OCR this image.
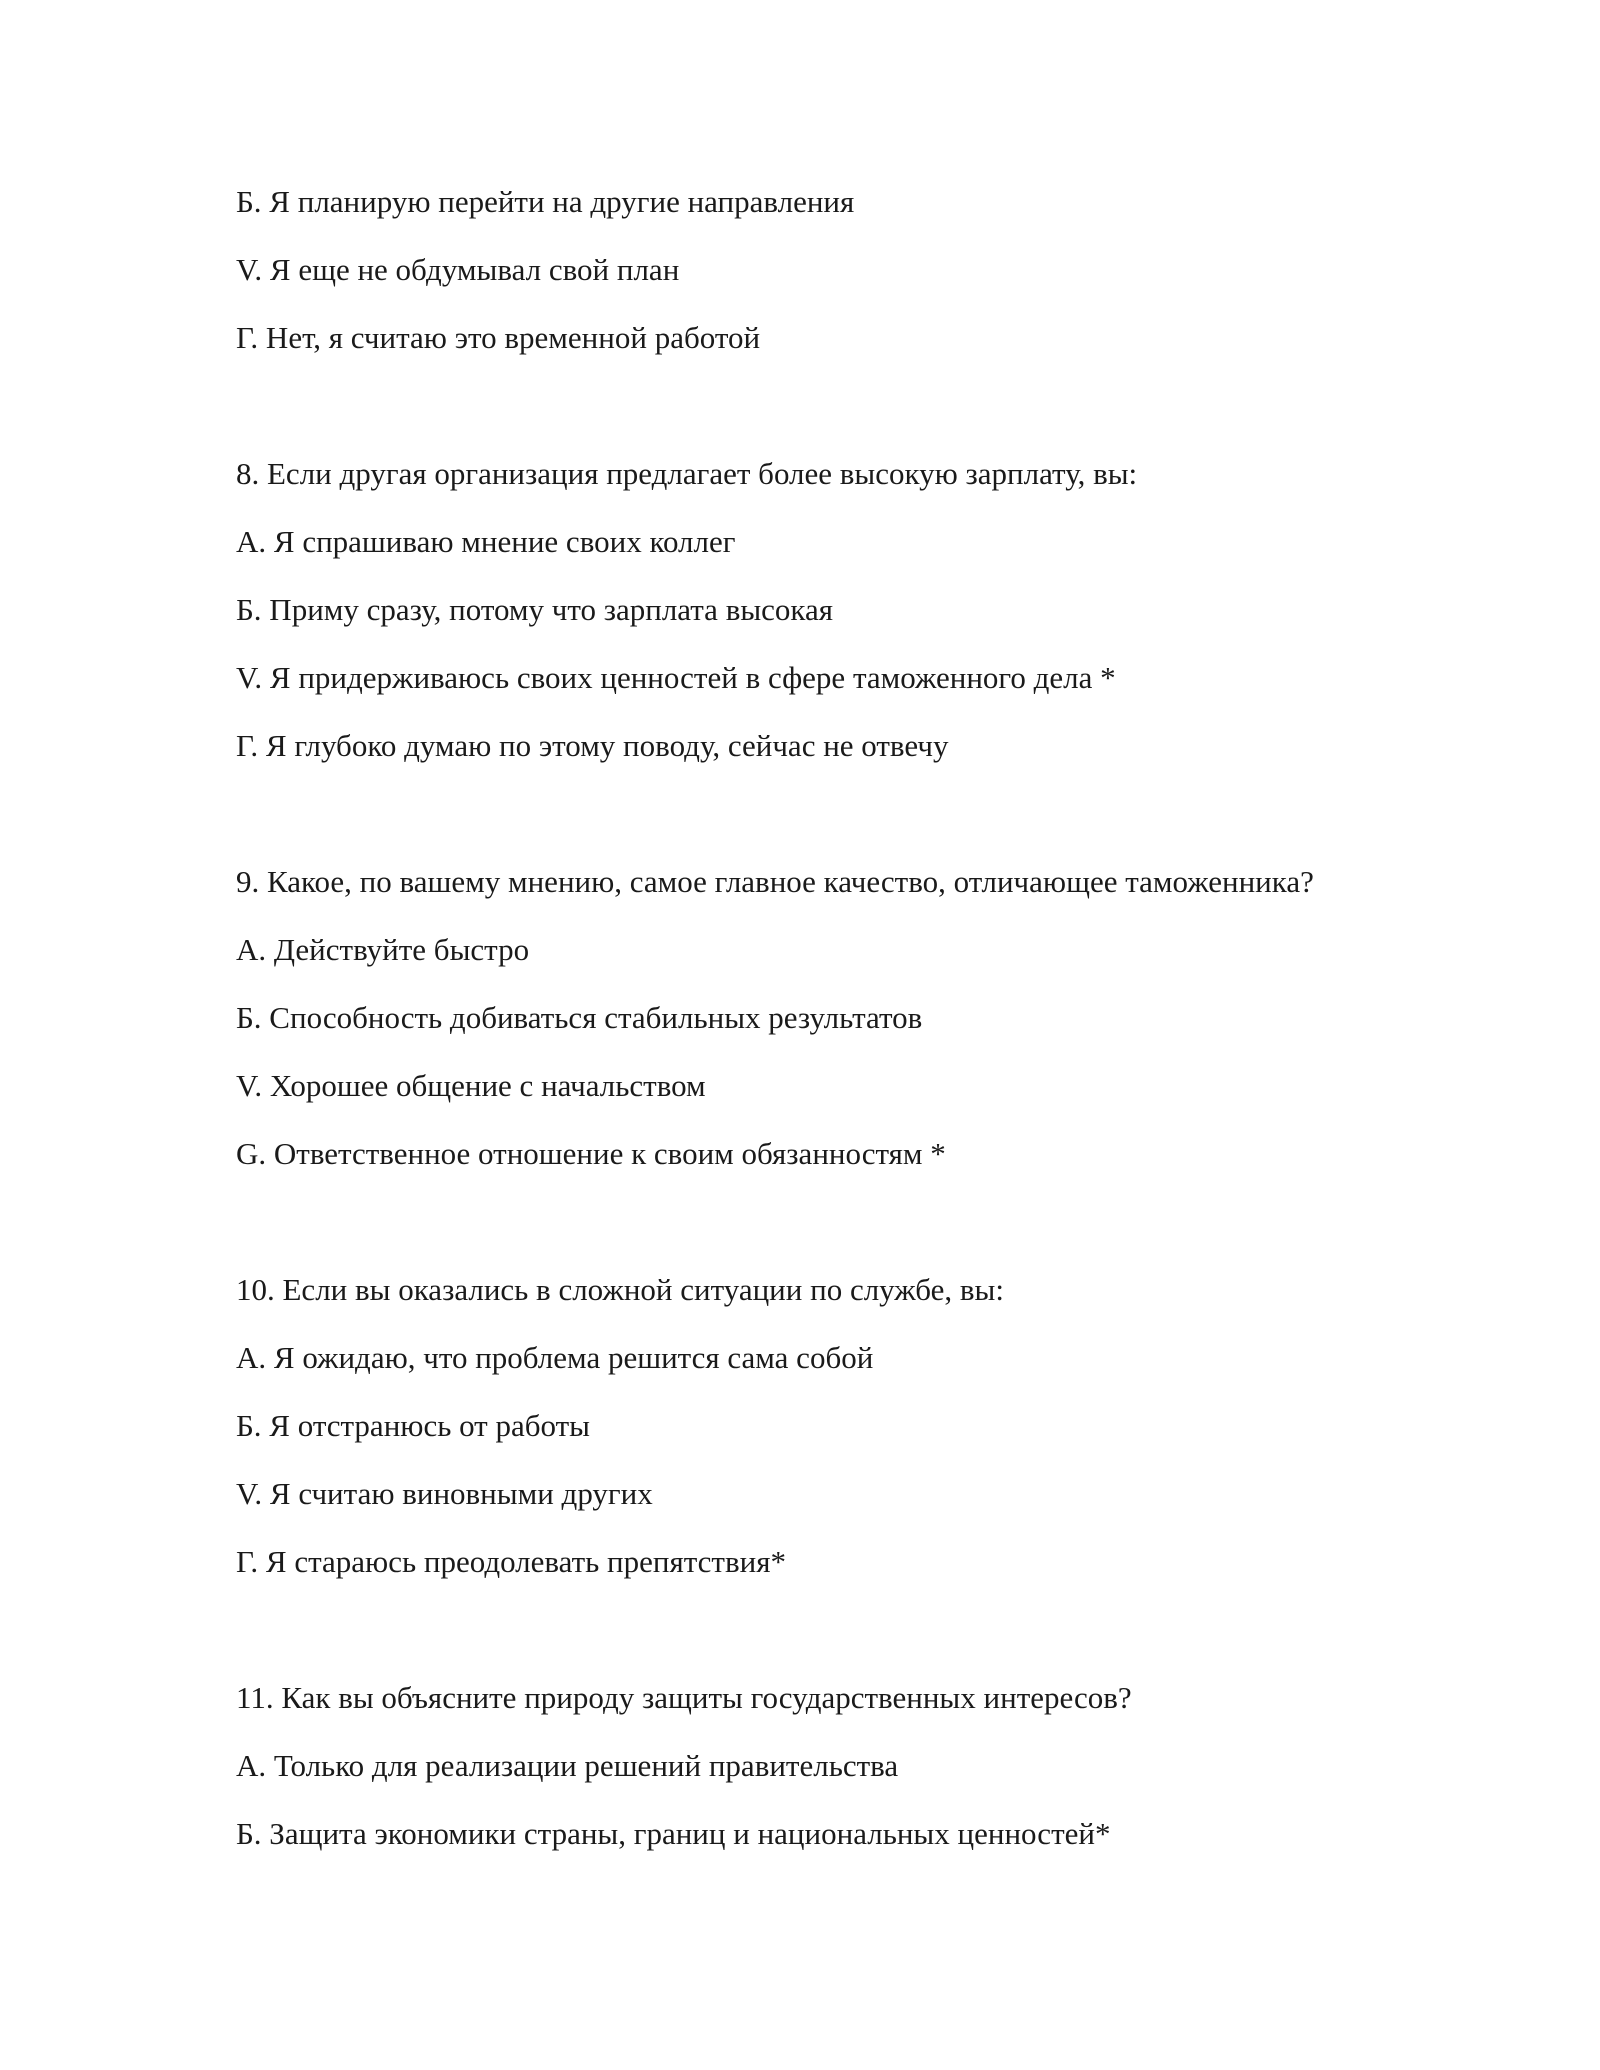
Б. Я планирую перейти на другие направления
V. Я еще не обдумывал свой план
Г. Нет, я считаю это временной работой
8. Если другая организация предлагает более высокую зарплату, вы:
А. Я спрашиваю мнение своих коллег
Б. Приму сразу, потому что зарплата высокая
V. Я придерживаюсь своих ценностей в сфере таможенного дела *
Г. Я глубоко думаю по этому поводу, сейчас не отвечу
9. Какое, по вашему мнению, самое главное качество, отличающее таможенника?
А. Действуйте быстро
Б. Способность добиваться стабильных результатов
V. Хорошее общение с начальством
G. Ответственное отношение к своим обязанностям *
10. Если вы оказались в сложной ситуации по службе, вы:
А. Я ожидаю, что проблема решится сама собой
Б. Я отстранюсь от работы
V. Я считаю виновными других
Г. Я стараюсь преодолевать препятствия*
11. Как вы объясните природу защиты государственных интересов?
А. Только для реализации решений правительства
Б. Защита экономики страны, границ и национальных ценностей*
